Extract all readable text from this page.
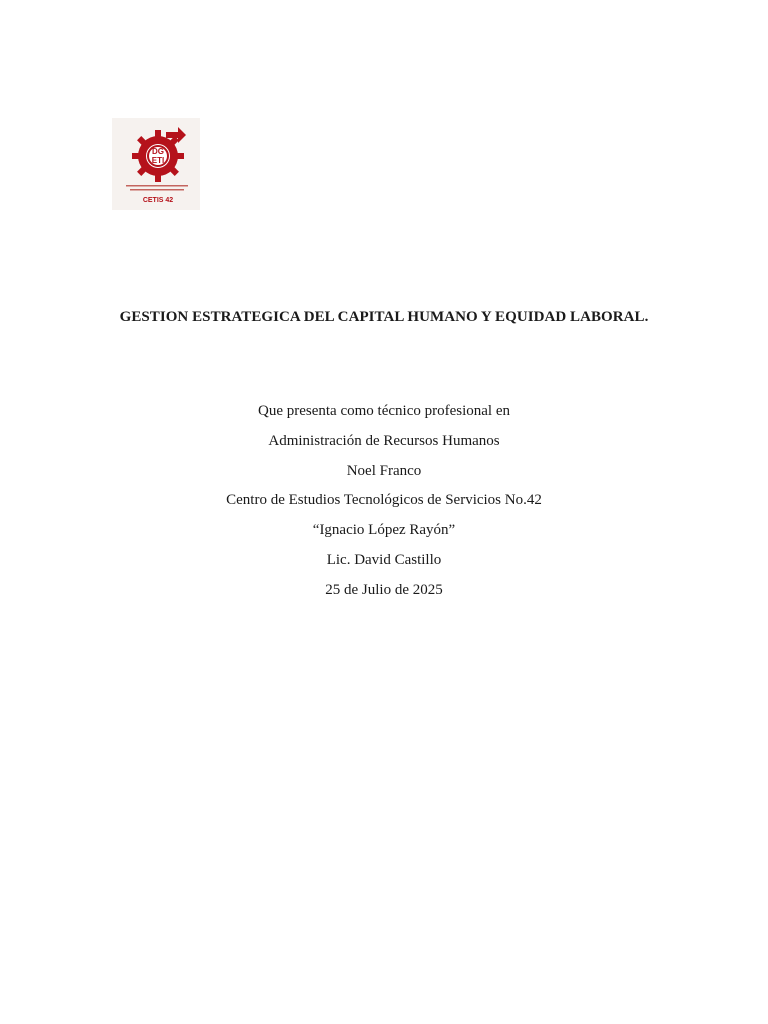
DG
ETI
CETIS 42
GESTION ESTRATEGICA DEL CAPITAL HUMANO Y EQUIDAD LABORAL.
Que presenta como técnico profesional en
Administración de Recursos Humanos
Noel Franco
Centro de Estudios Tecnológicos de Servicios No.42
“Ignacio López Rayón”
Lic. David Castillo
25 de Julio de 2025
